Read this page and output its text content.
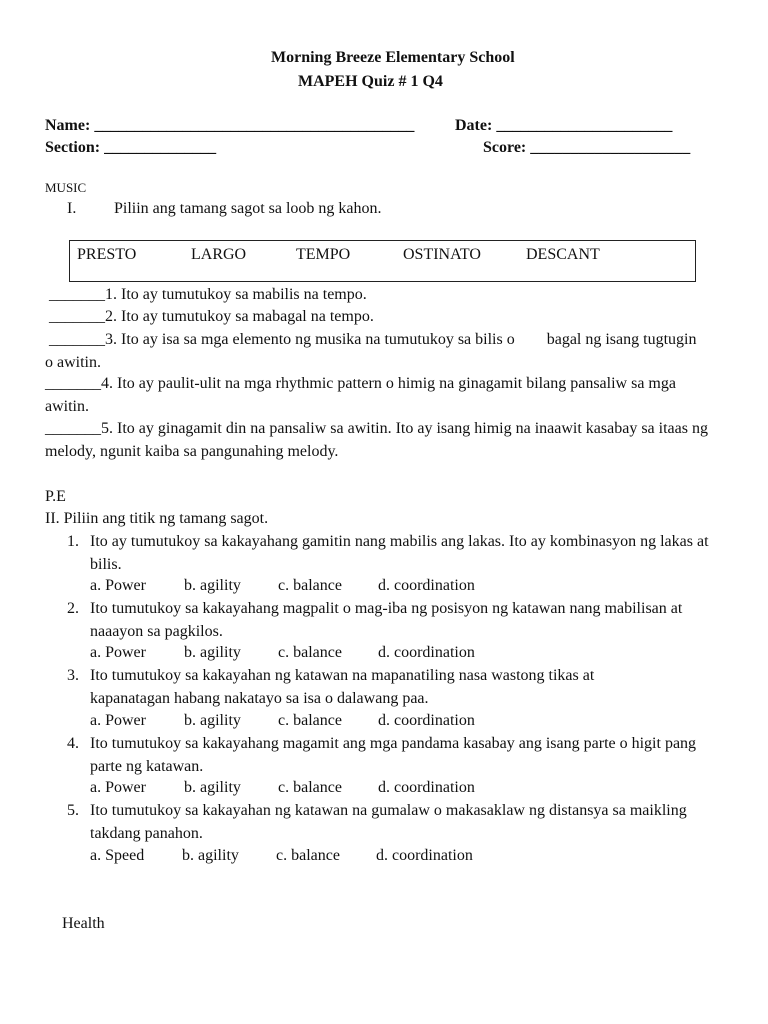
Morning Breeze Elementary School
MAPEH Quiz # 1 Q4
Name: ________________________________________	Date: ______________________
Section: ______________	Score: ____________________
MUSIC
I. Piliin ang tamang sagot sa loob ng kahon.
PRESTO	LARGO	TEMPO	OSTINATO	DESCANT
_______1. Ito ay tumutukoy sa mabilis na tempo.
_______2. Ito ay tumutukoy sa mabagal na tempo.
_______3. Ito ay isa sa mga elemento ng musika na tumutukoy sa bilis o        bagal ng isang tugtugin o awitin.
_______4. Ito ay paulit-ulit na mga rhythmic pattern o himig na ginagamit bilang pansaliw sa mga awitin.
_______5. Ito ay ginagamit din na pansaliw sa awitin. Ito ay isang himig na inaawit kasabay sa itaas ng melody, ngunit kaiba sa pangunahing melody.
P.E
II. Piliin ang titik ng tamang sagot.
1. Ito ay tumutukoy sa kakayahang gamitin nang mabilis ang lakas. Ito ay kombinasyon ng lakas at bilis.
a. Power b. agility c. balance d. coordination
2. Ito tumutukoy sa kakayahang magpalit o mag-iba ng posisyon ng katawan nang mabilisan at naaayon sa pagkilos.
a. Power b. agility c. balance d. coordination
3. Ito tumutukoy sa kakayahan ng katawan na mapanatiling nasa wastong tikas at kapanatagan habang nakatayo sa isa o dalawang paa.
a. Power b. agility c. balance d. coordination
4. Ito tumutukoy sa kakayahang magamit ang mga pandama kasabay ang isang parte o higit pang parte ng katawan.
a. Power b. agility c. balance d. coordination
5. Ito tumutukoy sa kakayahan ng katawan na gumalaw o makasaklaw ng distansya sa maikling takdang panahon.
a. Speed b. agility c. balance d. coordination
Health
